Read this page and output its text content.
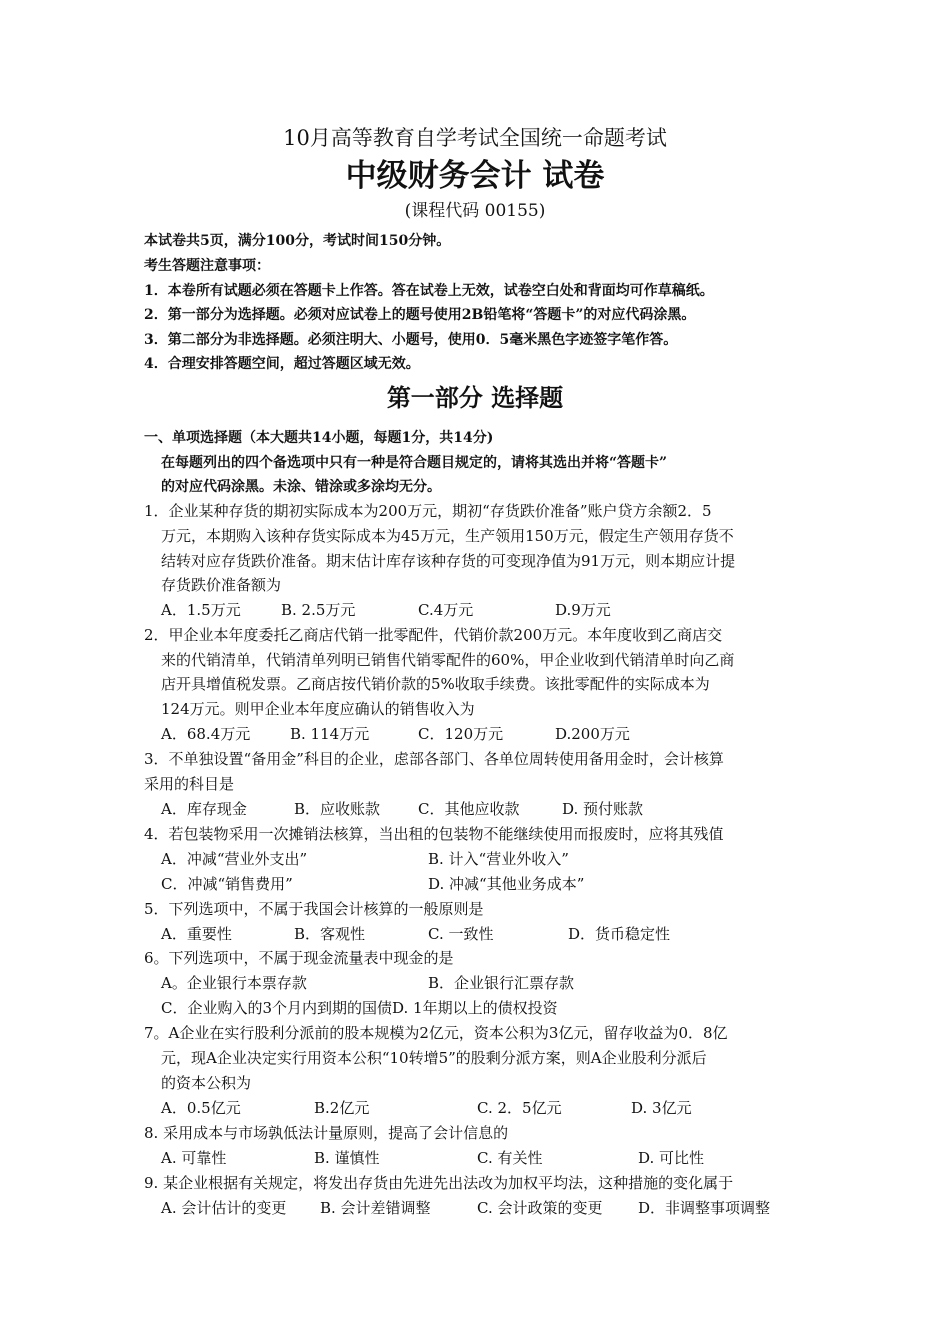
10月高等教育自学考试全国统一命题考试
中级财务会计 试卷
(课程代码 00155)
本试卷共5页，满分100分，考试时间150分钟。
考生答题注意事项：
1．本卷所有试题必须在答题卡上作答。答在试卷上无效，试卷空白处和背面均可作草稿纸。
2．第一部分为选择题。必须对应试卷上的题号使用2B铅笔将“答题卡”的对应代码涂黑。
3．第二部分为非选择题。必须注明大、小题号，使用0．5毫米黑色字迹签字笔作答。
4．合理安排答题空间，超过答题区域无效。
第一部分 选择题
一、单项选择题（本大题共14小题，每题1分，共14分)
在每题列出的四个备选项中只有一种是符合题目规定的，请将其选出并将“答题卡”
的对应代码涂黑。未涂、错涂或多涂均无分。
1．企业某种存货的期初实际成本为200万元，期初“存货跌价准备”账户贷方余额2．5
万元，本期购入该种存货实际成本为45万元，生产领用150万元，假定生产领用存货不
结转对应存货跌价准备。期末估计库存该种存货的可变现净值为91万元，则本期应计提
存货跌价准备额为
A．1.5万元	B. 2.5万元	C.4万元	D.9万元
2．甲企业本年度委托乙商店代销一批零配件，代销价款200万元。本年度收到乙商店交
来的代销清单，代销清单列明已销售代销零配件的60%，甲企业收到代销清单时向乙商
店开具增值税发票。乙商店按代销价款的5%收取手续费。该批零配件的实际成本为
124万元。则甲企业本年度应确认的销售收入为
A．68.4万元	B. 114万元	C．120万元	D.200万元
3．不单独设置“备用金”科目的企业，虑部各部门、各单位周转使用备用金时，会计核算
采用的科目是
A．库存现金	B．应收账款	C．其他应收款	D. 预付账款
4．若包装物采用一次摊销法核算，当出租的包装物不能继续使用而报废时，应将其残值
A．冲减“营业外支出”	B. 计入“营业外收入”
C．冲减“销售费用”	D. 冲减“其他业务成本”
5．下列选项中，不属于我国会计核算的一般原则是
A．重要性	B．客观性	C. 一致性	D．货币稳定性
6。下列选项中，不属于现金流量表中现金的是
A。企业银行本票存款	B．企业银行汇票存款
C．企业购入的3个月内到期的国债D. 1年期以上的债权投资
7。A企业在实行股利分派前的股本规模为2亿元，资本公积为3亿元，留存收益为0．8亿
元，现A企业决定实行用资本公积“10转增5”的股剩分派方案，则A企业股利分派后
的资本公积为
A．0.5亿元	B.2亿元	C. 2．5亿元	D. 3亿元
8. 采用成本与市场孰低法计量原则，提高了会计信息的
A. 可靠性	B. 谨慎性	C. 有关性	D. 可比性
9. 某企业根据有关规定，将发出存货由先进先出法改为加权平均法，这种措施的变化属于
A. 会计估计的变更 B. 会计差错调整	C. 会计政策的变更 D．非调整事项调整
